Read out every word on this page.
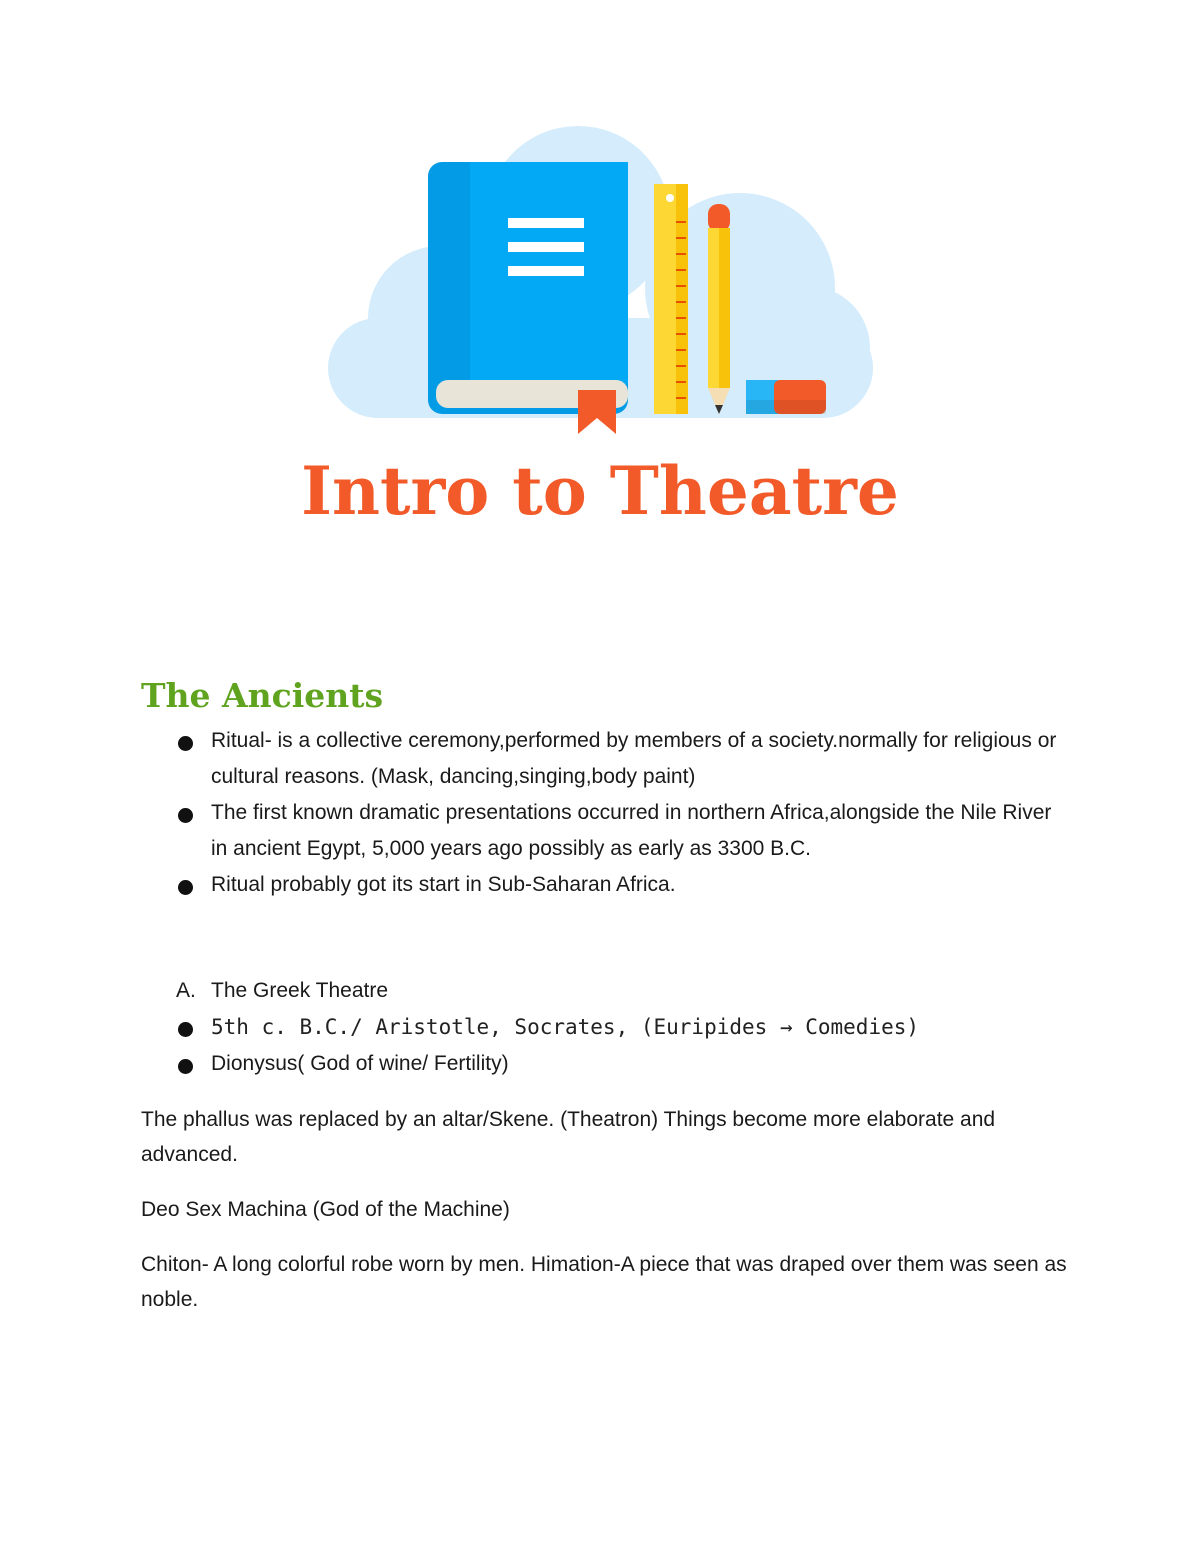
Intro to Theatre
The Ancients
Ritual- is a collective ceremony,performed by members of a society.normally for religious or cultural reasons. (Mask, dancing,singing,body paint)
The first known dramatic presentations occurred in northern Africa,alongside the Nile River in ancient Egypt, 5,000 years ago possibly as early as 3300 B.C.
Ritual probably got its start in Sub-Saharan Africa.
A. The Greek Theatre
5th c. B.C./ Aristotle, Socrates, (Euripides → Comedies)
Dionysus( God of wine/ Fertility)

The phallus was replaced by an altar/Skene. (Theatron) Things become more elaborate and advanced.

Deo Sex Machina (God of the Machine)

Chiton- A long colorful robe worn by men. Himation-A piece that was draped over them was seen as noble.
